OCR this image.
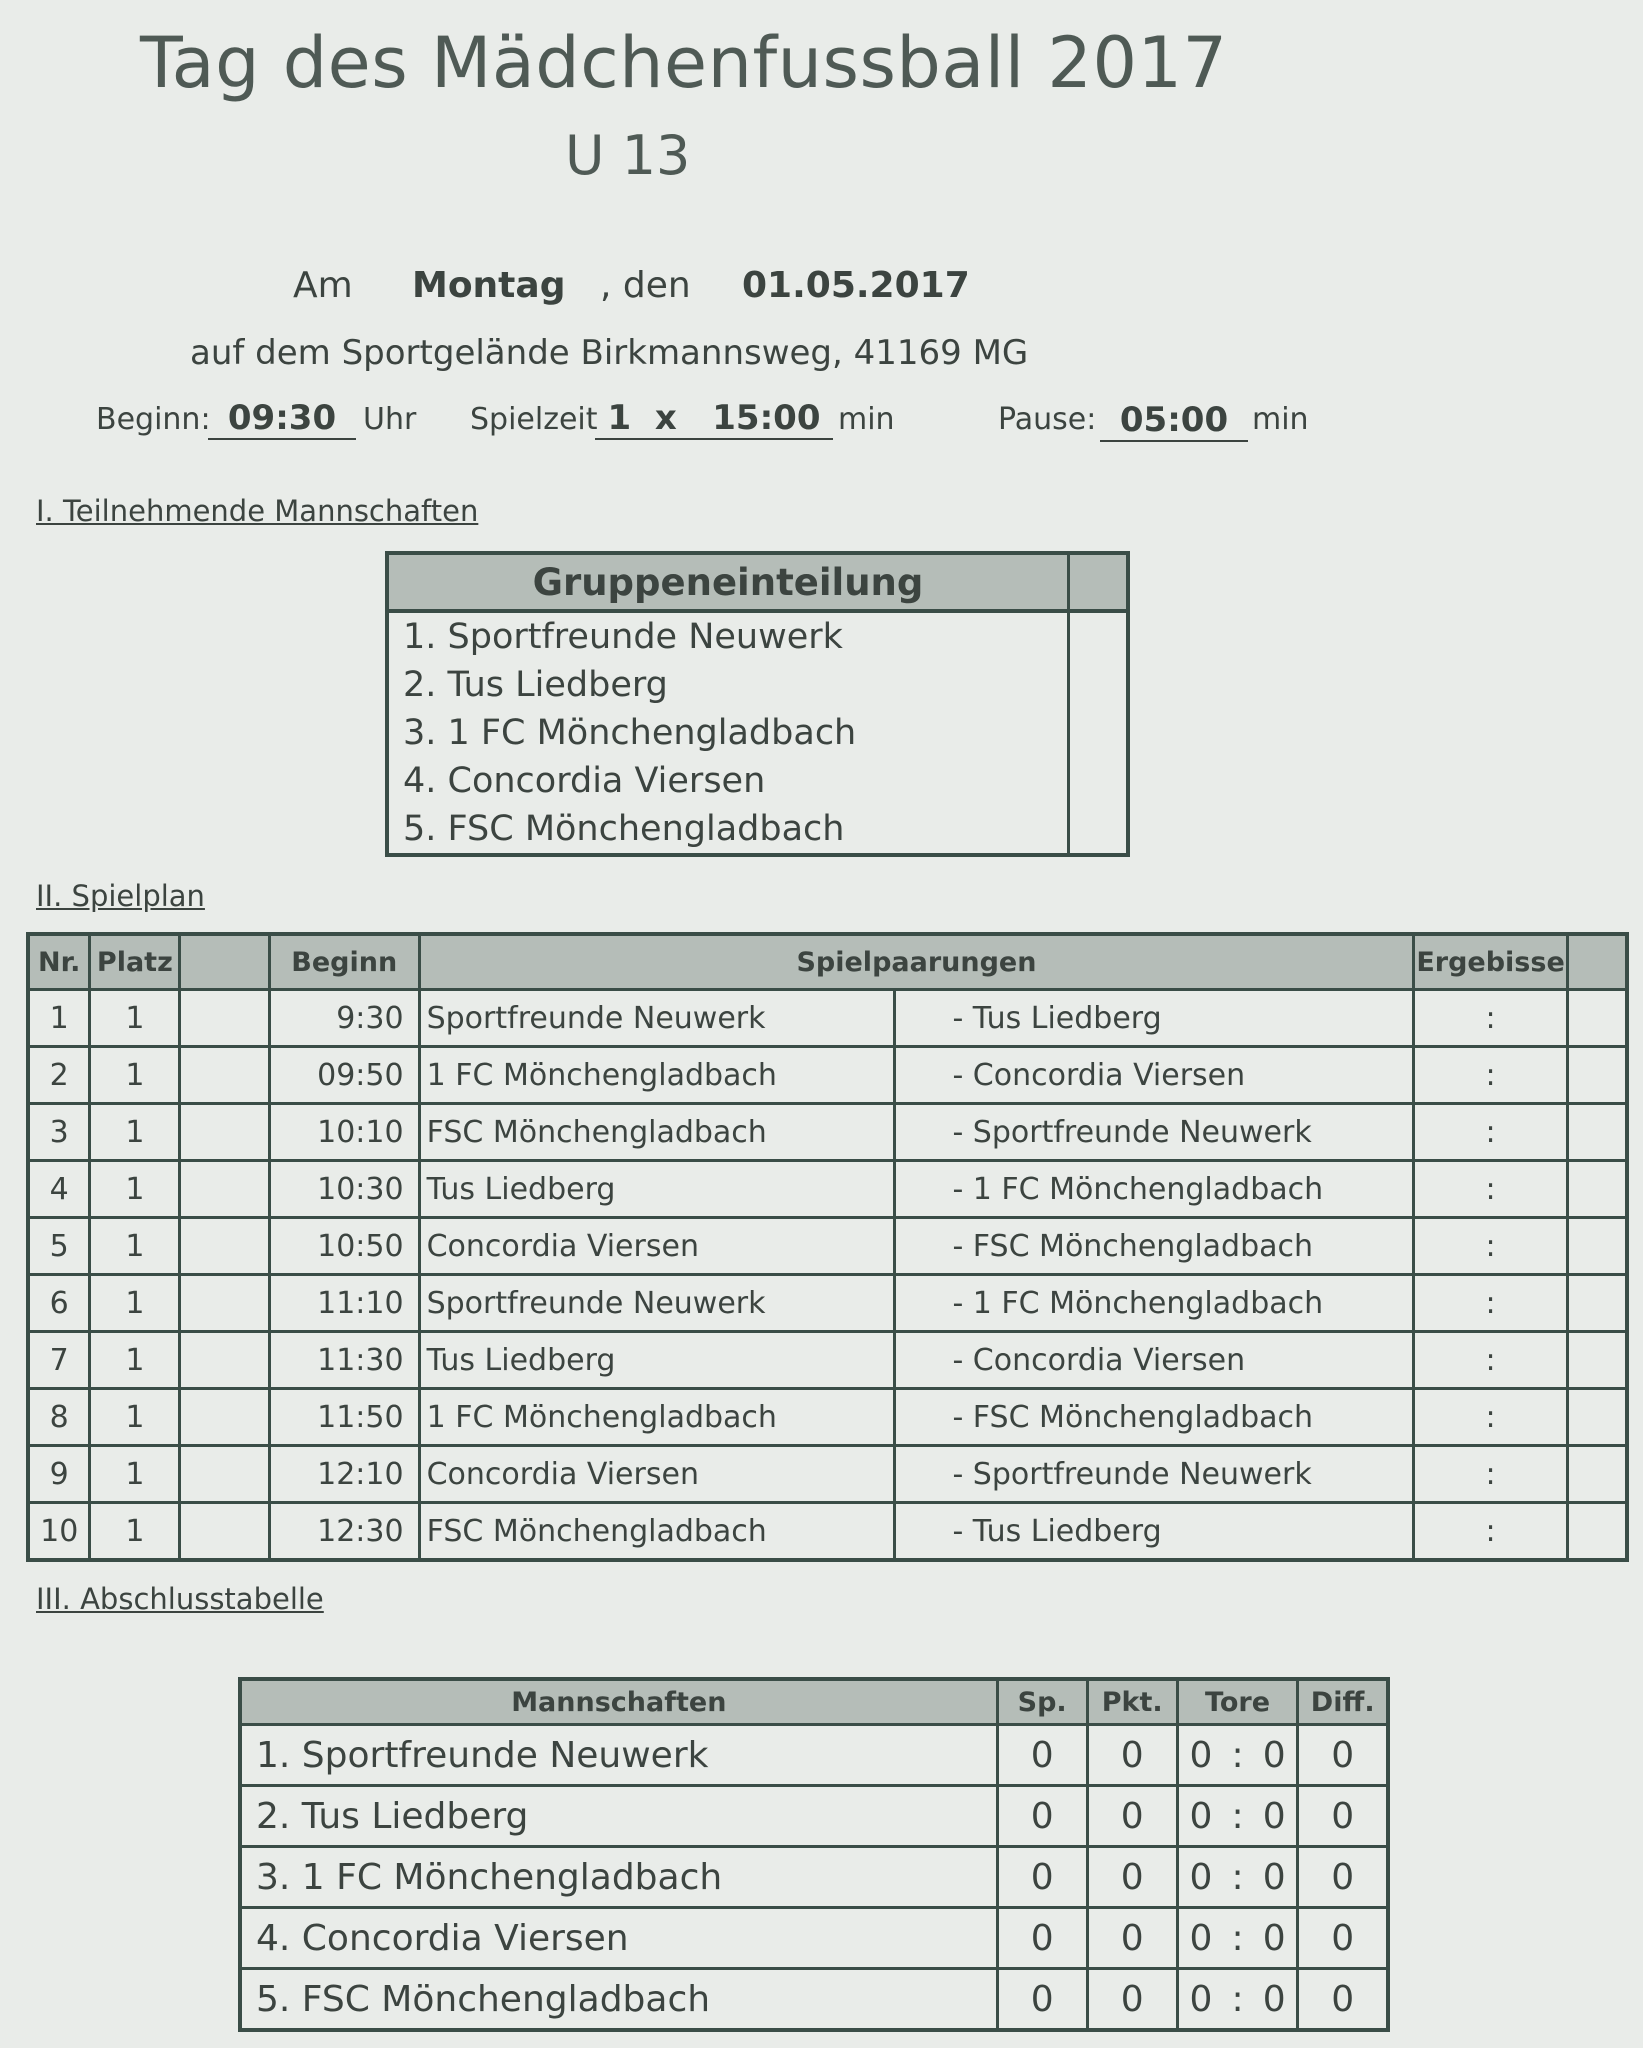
Tag des Mädchenfussball 2017
U 13
Am Montag , den 01.05.2017
auf dem Sportgelände Birkmannsweg, 41169 MG
Beginn: 09:30 Uhr Spielzeit 1  x   15:00 min	Pause: 05:00 min
I. Teilnehmende Mannschaften
Gruppeneinteilung	
1. Sportfreunde Neuwerk	
2. Tus Liedberg	
3. 1 FC Mönchengladbach	
4. Concordia Viersen	
5. FSC Mönchengladbach	
II. Spielplan
Nr.	Platz		Beginn	Spielpaarungen		Ergebisse	
1	1		9:30	Sportfreunde Neuwerk	- Tus Liedberg	:	
2	1		09:50	1 FC Mönchengladbach	- Concordia Viersen	:	
3	1		10:10	FSC Mönchengladbach	- Sportfreunde Neuwerk	:	
4	1		10:30	Tus Liedberg	- 1 FC Mönchengladbach	:	
5	1		10:50	Concordia Viersen	- FSC Mönchengladbach	:	
6	1		11:10	Sportfreunde Neuwerk	- 1 FC Mönchengladbach	:	
7	1		11:30	Tus Liedberg	- Concordia Viersen	:	
8	1		11:50	1 FC Mönchengladbach	- FSC Mönchengladbach	:	
9	1		12:10	Concordia Viersen	- Sportfreunde Neuwerk	:	
10	1		12:30	FSC Mönchengladbach	- Tus Liedberg	:	
III. Abschlusstabelle
Mannschaften	Sp.	Pkt.	Tore			Diff.
1. Sportfreunde Neuwerk	0	0	0	:	0	0
2. Tus Liedberg	0	0	0	:	0	0
3. 1 FC Mönchengladbach	0	0	0	:	0	0
4. Concordia Viersen	0	0	0	:	0	0
5. FSC Mönchengladbach	0	0	0	:	0	0
